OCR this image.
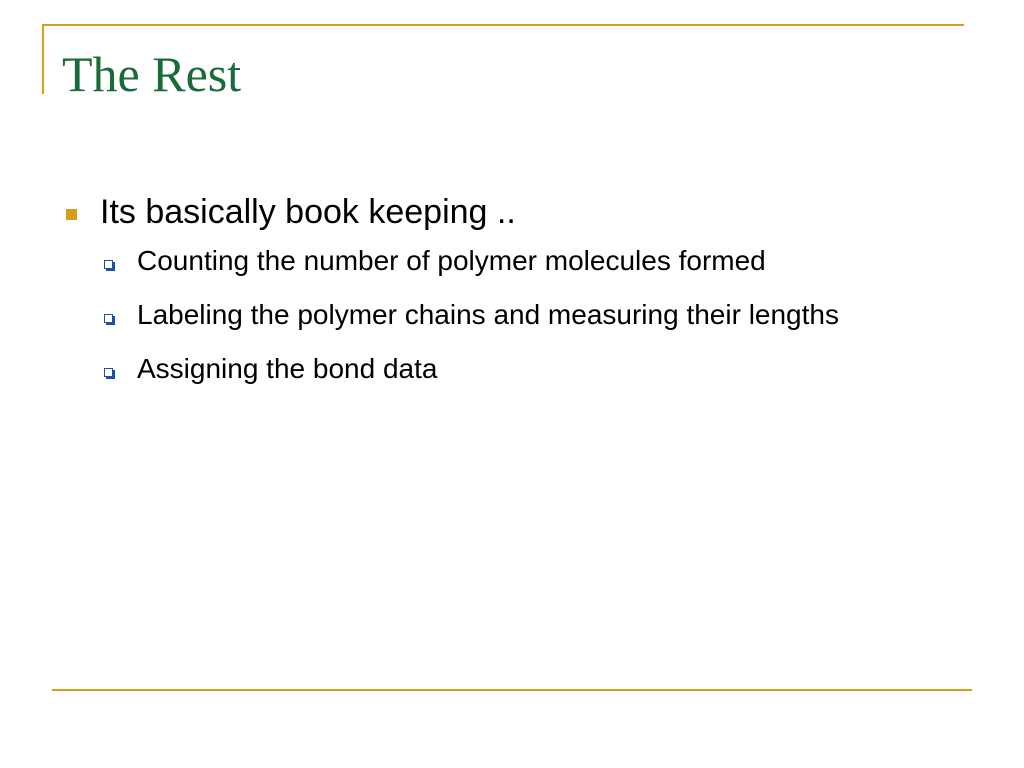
The Rest
Its basically book keeping ..
Counting the number of polymer molecules formed
Labeling the polymer chains and measuring their lengths
Assigning the bond data
